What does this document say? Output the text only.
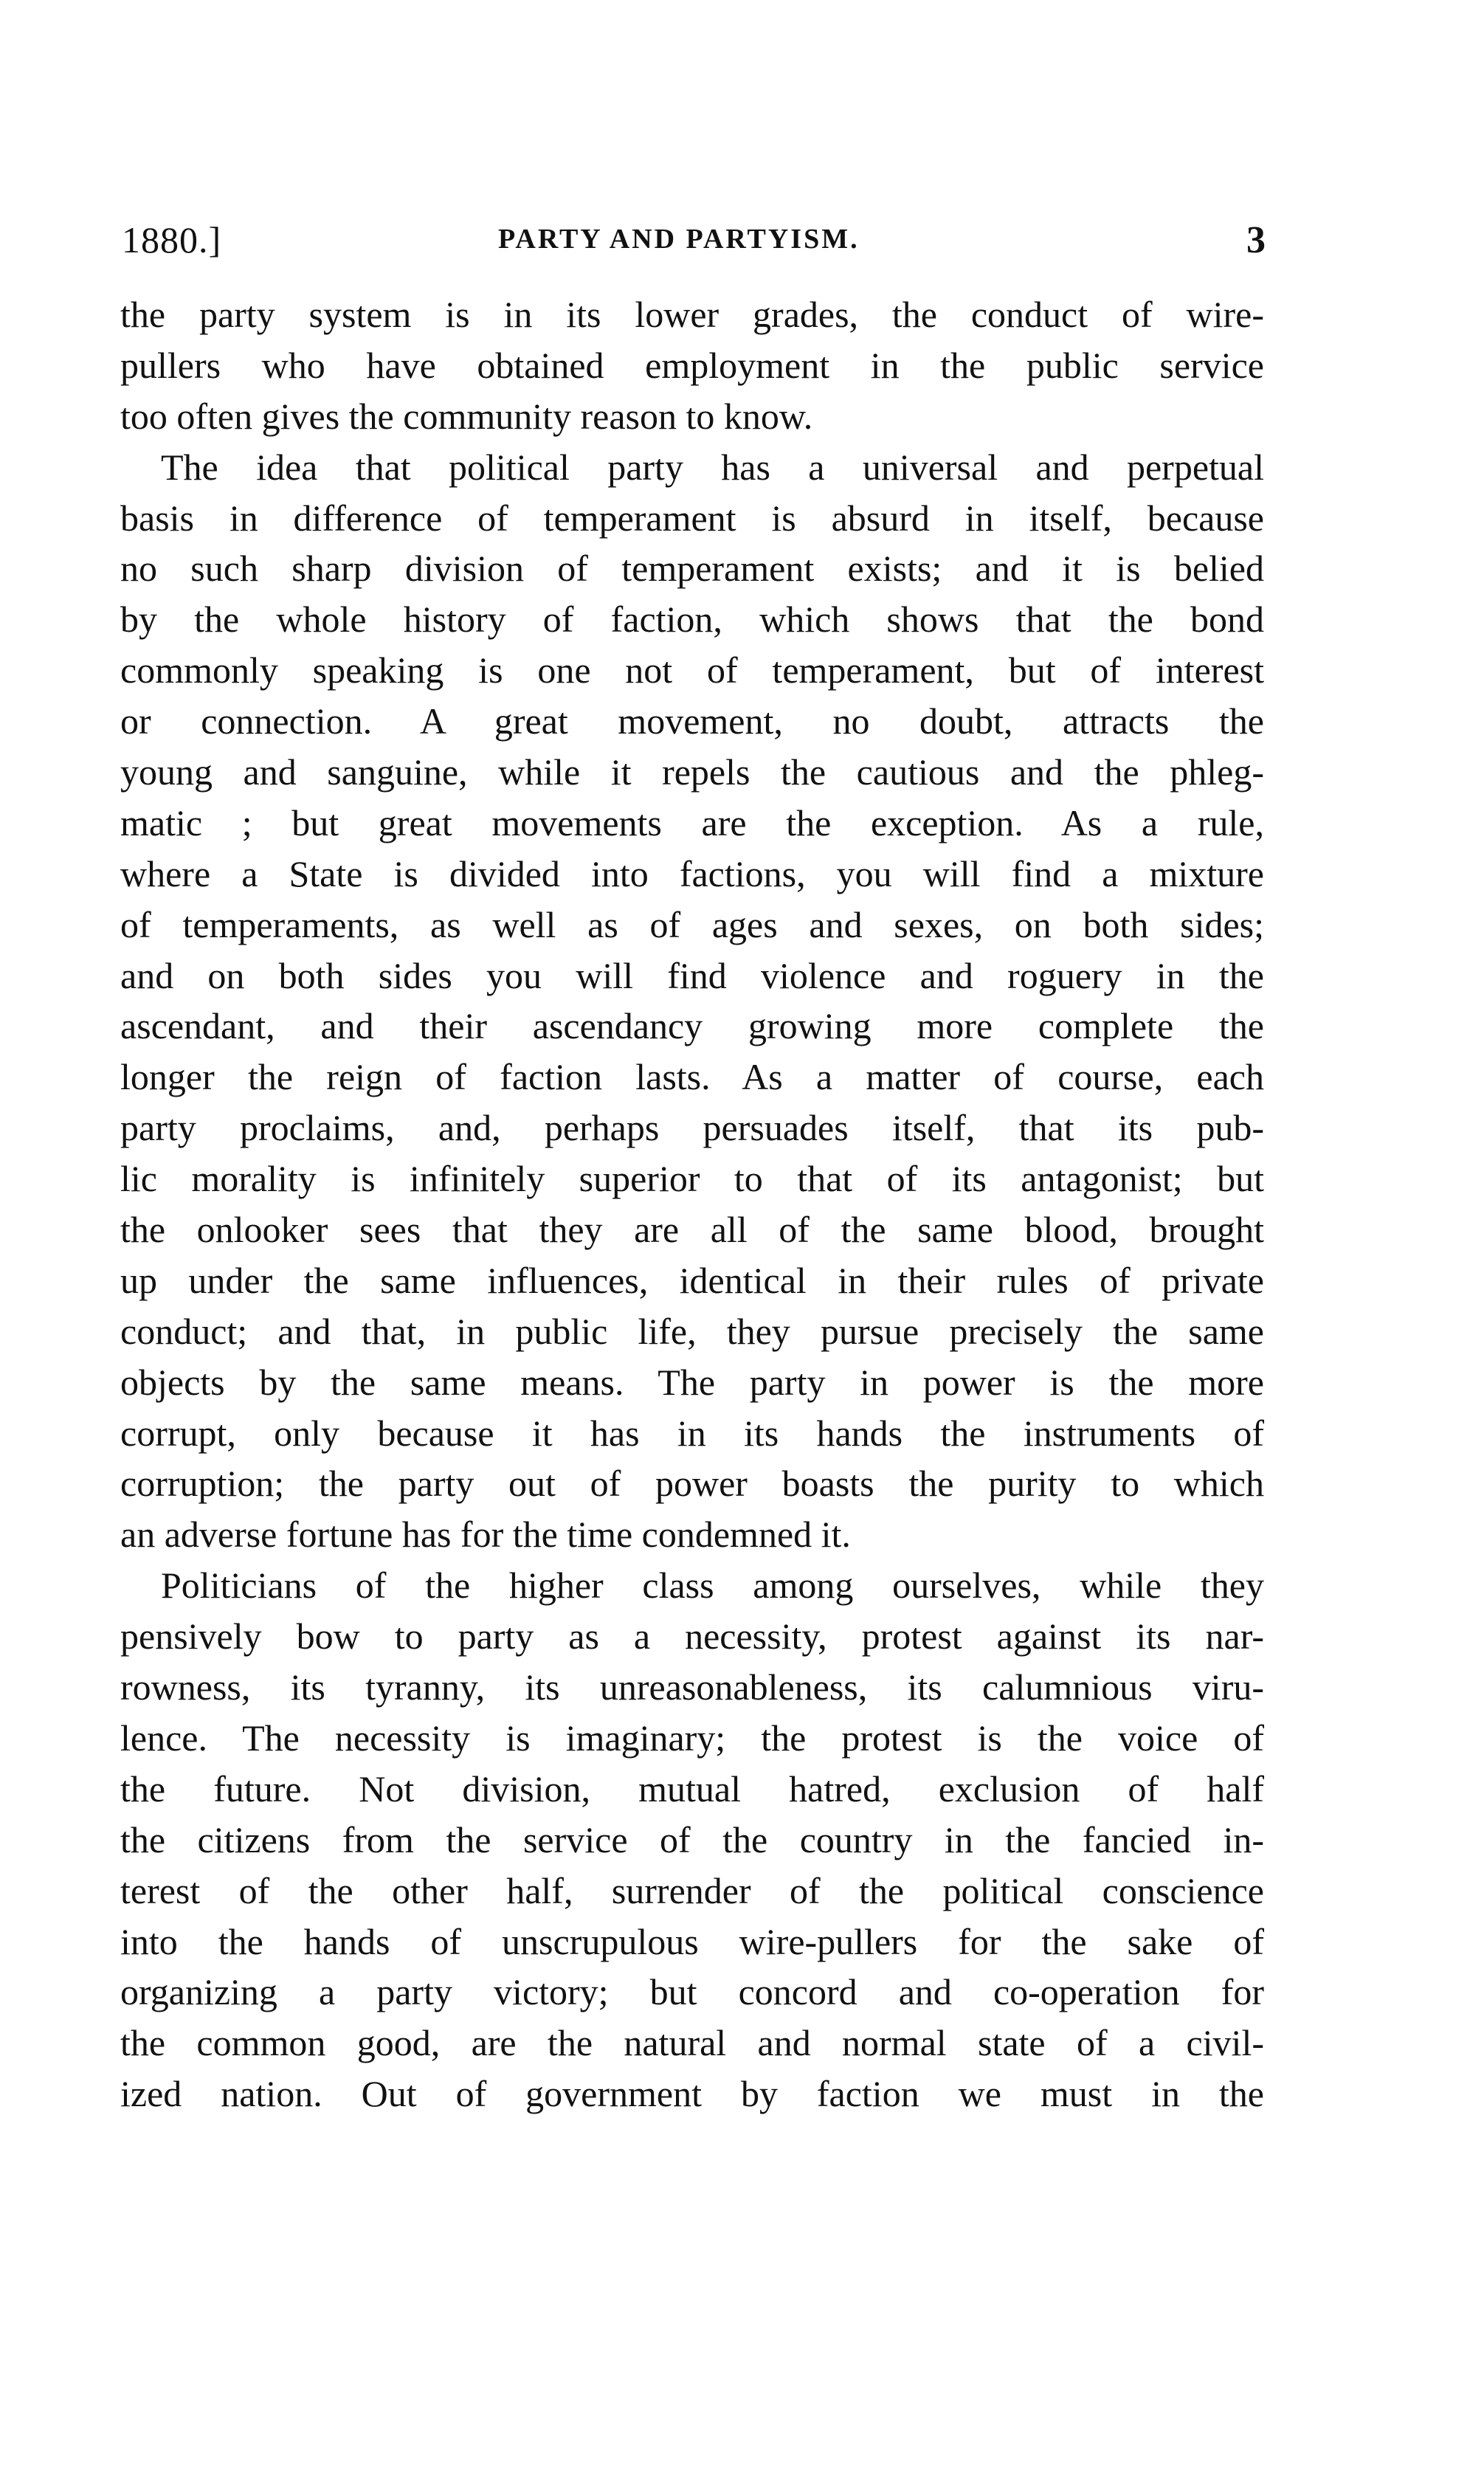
1880.]	PARTY AND PARTYISM.	3
the party system is in its lower grades, the conduct of wire-
pullers who have obtained employment in the public service
too often gives the community reason to know.
The idea that political party has a universal and perpetual
basis in difference of temperament is absurd in itself, because
no such sharp division of temperament exists; and it is belied
by the whole history of faction, which shows that the bond
commonly speaking is one not of temperament, but of interest
or connection. A great movement, no doubt, attracts the
young and sanguine, while it repels the cautious and the phleg-
matic ; but great movements are the exception. As a rule,
where a State is divided into factions, you will find a mixture
of temperaments, as well as of ages and sexes, on both sides;
and on both sides you will find violence and roguery in the
ascendant, and their ascendancy growing more complete the
longer the reign of faction lasts. As a matter of course, each
party proclaims, and, perhaps persuades itself, that its pub-
lic morality is infinitely superior to that of its antagonist; but
the onlooker sees that they are all of the same blood, brought
up under the same influences, identical in their rules of private
conduct; and that, in public life, they pursue precisely the same
objects by the same means. The party in power is the more
corrupt, only because it has in its hands the instruments of
corruption; the party out of power boasts the purity to which
an adverse fortune has for the time condemned it.
Politicians of the higher class among ourselves, while they
pensively bow to party as a necessity, protest against its nar-
rowness, its tyranny, its unreasonableness, its calumnious viru-
lence. The necessity is imaginary; the protest is the voice of
the future. Not division, mutual hatred, exclusion of half
the citizens from the service of the country in the fancied in-
terest of the other half, surrender of the political conscience
into the hands of unscrupulous wire-pullers for the sake of
organizing a party victory; but concord and co-operation for
the common good, are the natural and normal state of a civil-
ized nation. Out of government by faction we must in the
